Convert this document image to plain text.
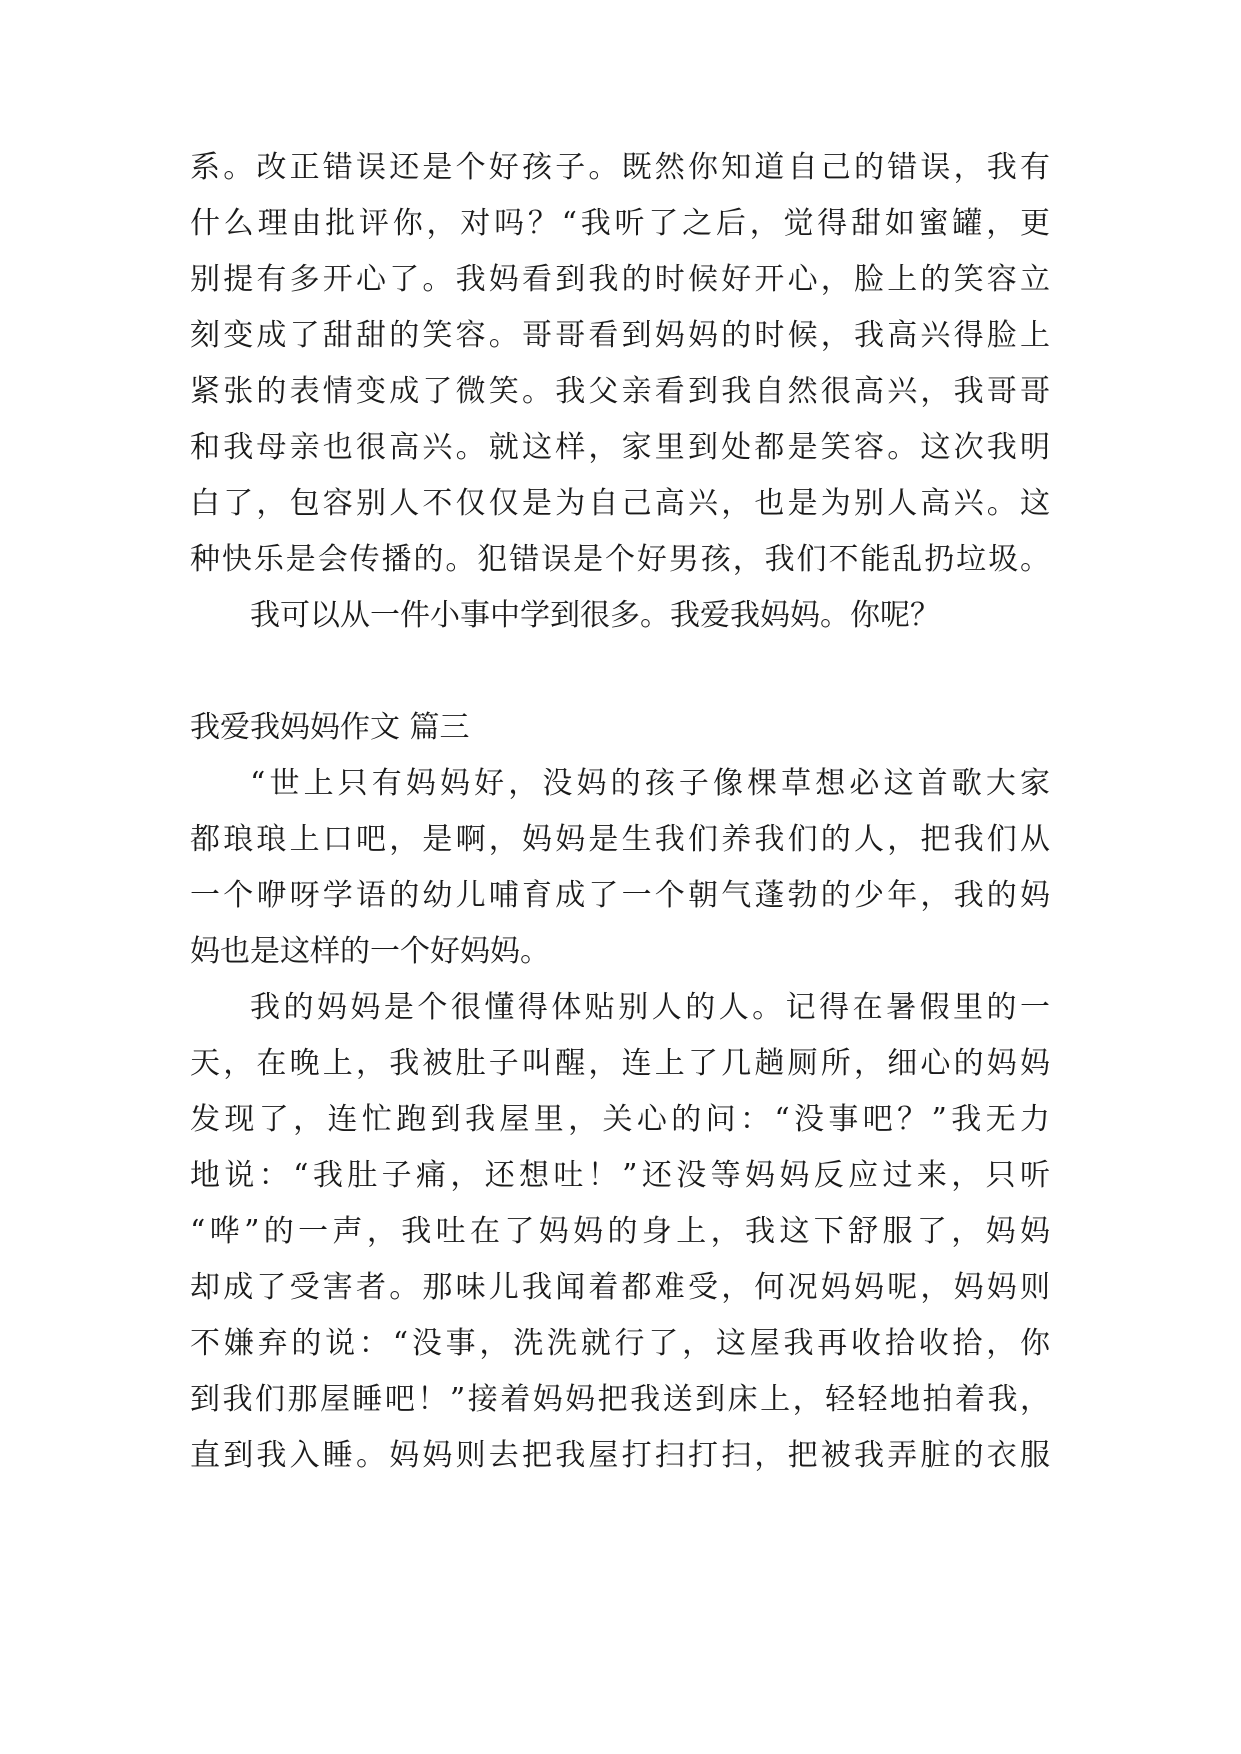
系。改正错误还是个好孩子。既然你知道自己的错误，我有
什么理由批评你，对吗？“我听了之后，觉得甜如蜜罐，更
别提有多开心了。我妈看到我的时候好开心，脸上的笑容立
刻变成了甜甜的笑容。哥哥看到妈妈的时候，我高兴得脸上
紧张的表情变成了微笑。我父亲看到我自然很高兴，我哥哥
和我母亲也很高兴。就这样，家里到处都是笑容。这次我明
白了，包容别人不仅仅是为自己高兴，也是为别人高兴。这
种快乐是会传播的。犯错误是个好男孩，我们不能乱扔垃圾。
我可以从一件小事中学到很多。我爱我妈妈。你呢？
我爱我妈妈作文 篇三
“世上只有妈妈好，没妈的孩子像棵草想必这首歌大家
都琅琅上口吧，是啊，妈妈是生我们养我们的人，把我们从
一个咿呀学语的幼儿哺育成了一个朝气蓬勃的少年，我的妈
妈也是这样的一个好妈妈。
我的妈妈是个很懂得体贴别人的人。记得在暑假里的一
天，在晚上，我被肚子叫醒，连上了几趟厕所，细心的妈妈
发现了，连忙跑到我屋里，关心的问：“没事吧？”我无力
地说：“我肚子痛，还想吐！”还没等妈妈反应过来，只听
“哗”的一声，我吐在了妈妈的身上，我这下舒服了，妈妈
却成了受害者。那味儿我闻着都难受，何况妈妈呢，妈妈则
不嫌弃的说：“没事，洗洗就行了，这屋我再收拾收拾，你
到我们那屋睡吧！”接着妈妈把我送到床上，轻轻地拍着我，
直到我入睡。妈妈则去把我屋打扫打扫，把被我弄脏的衣服
